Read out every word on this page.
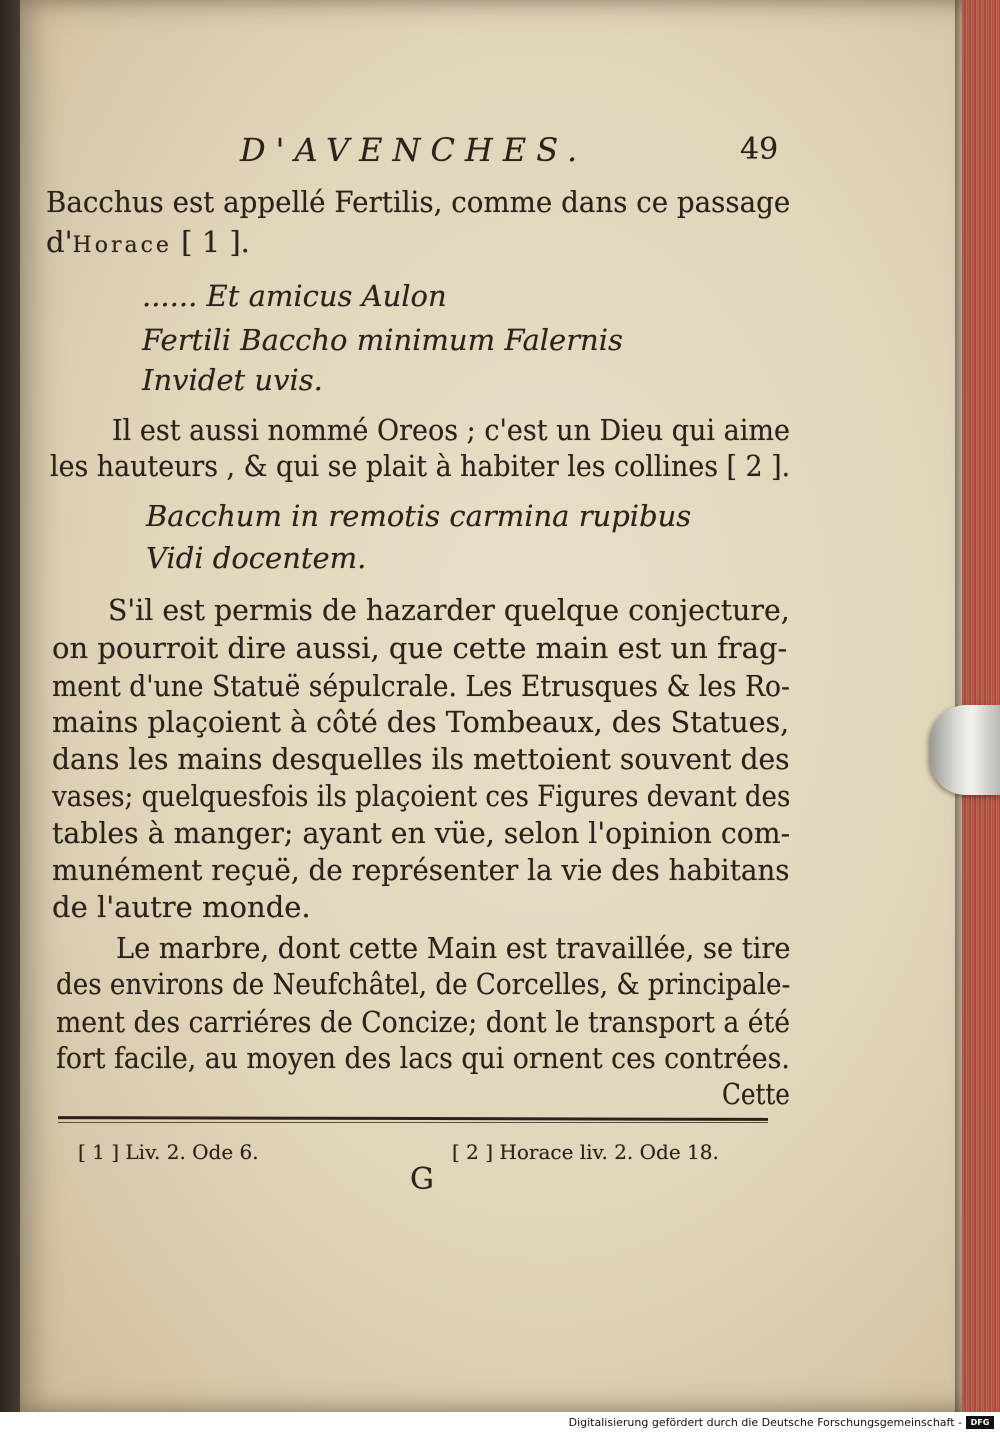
D'AVENCHES.	49
Bacchus est appellé Fertilis, comme dans ce passage
d'Horace [ 1 ].
...... Et amicus Aulon
Fertili Baccho minimum Falernis
Invidet uvis.
Il est aussi nommé Oreos ; c'est un Dieu qui aime
les hauteurs , & qui se plait à habiter les collines [ 2 ].
Bacchum in remotis carmina rupibus
Vidi docentem.
S'il est permis de hazarder quelque conjecture,
on pourroit dire aussi, que cette main est un frag-
ment d'une Statuë sépulcrale. Les Etrusques & les Ro-
mains plaçoient à côté des Tombeaux, des Statues,
dans les mains desquelles ils mettoient souvent des
vases; quelquesfois ils plaçoient ces Figures devant des
tables à manger; ayant en vüe, selon l'opinion com-
munément reçuë, de représenter la vie des habitans
de l'autre monde.
Le marbre, dont cette Main est travaillée, se tire
des environs de Neufchâtel, de Corcelles, & principale-
ment des carriéres de Concize; dont le transport a été
fort facile, au moyen des lacs qui ornent ces contrées.
Cette
[ 1 ] Liv. 2. Ode 6.	[ 2 ] Horace liv. 2. Ode 18.
G
Digitalisierung gefördert durch die Deutsche Forschungsgemeinschaft -	DFG
